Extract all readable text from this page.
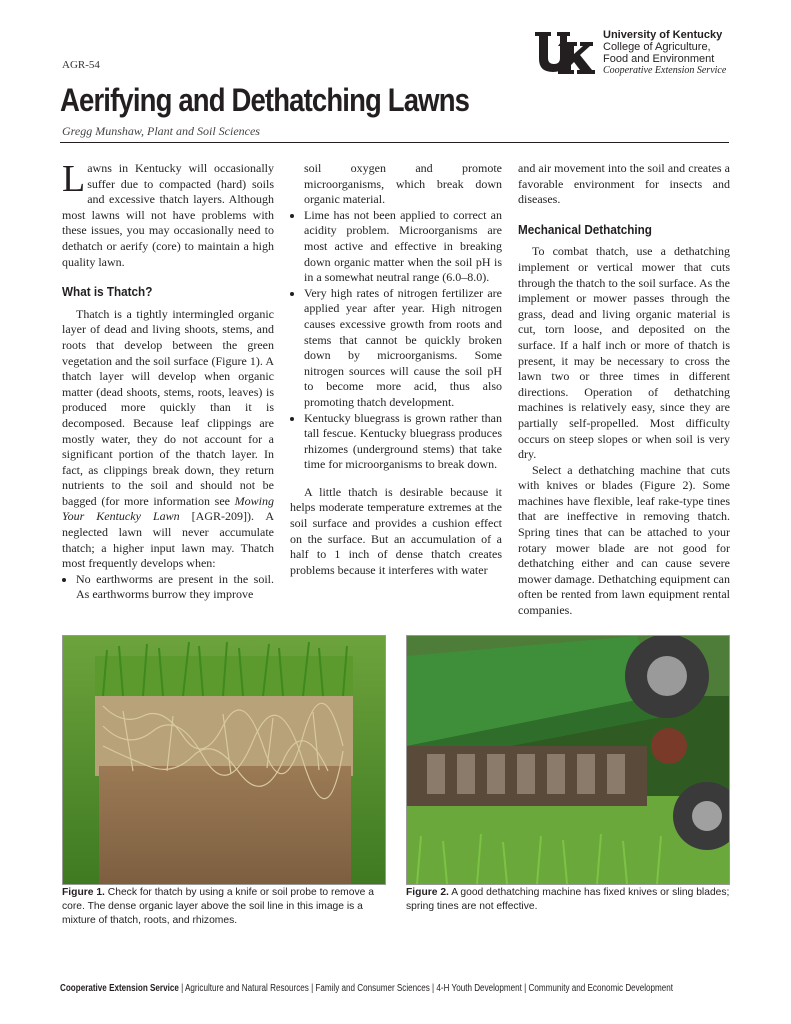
AGR-54
University of Kentucky
College of Agriculture,
Food and Environment
Cooperative Extension Service
Aerifying and Dethatching Lawns
Gregg Munshaw, Plant and Soil Sciences

Lawns in Kentucky will occasionally suffer due to compacted (hard) soils and excessive thatch layers. Although most lawns will not have problems with these issues, you may occasionally need to dethatch or aerify (core) to maintain a high quality lawn.

What is Thatch?

Thatch is a tightly intermingled organic layer of dead and living shoots, stems, and roots that develop between the green vegetation and the soil surface (Figure 1). A thatch layer will develop when organic matter (dead shoots, stems, roots, leaves) is produced more quickly than it is decomposed. Because leaf clippings are mostly water, they do not account for a significant portion of the thatch layer. In fact, as clippings break down, they return nutrients to the soil and should not be bagged (for more information see Mowing Your Kentucky Lawn [AGR-209]). A neglected lawn will never accumulate thatch; a higher input lawn may. Thatch most frequently develops when:

• No earthworms are present in the soil. As earthworms burrow they improve

soil oxygen and promote microorganisms, which break down organic material.

• Lime has not been applied to correct an acidity problem. Microorganisms are most active and effective in breaking down organic matter when the soil pH is in a somewhat neutral range (6.0–8.0).
• Very high rates of nitrogen fertilizer are applied year after year. High nitrogen causes excessive growth from roots and stems that cannot be quickly broken down by microorganisms. Some nitrogen sources will cause the soil pH to become more acid, thus also promoting thatch development.
• Kentucky bluegrass is grown rather than tall fescue. Kentucky bluegrass produces rhizomes (underground stems) that take time for microorganisms to break down.

A little thatch is desirable because it helps moderate temperature extremes at the soil surface and provides a cushion effect on the surface. But an accumulation of a half to 1 inch of dense thatch creates problems because it interferes with water

and air movement into the soil and creates a favorable environment for insects and diseases.

Mechanical Dethatching

To combat thatch, use a dethatching implement or vertical mower that cuts through the thatch to the soil surface. As the implement or mower passes through the grass, dead and living organic material is cut, torn loose, and deposited on the surface. If a half inch or more of thatch is present, it may be necessary to cross the lawn two or three times in different directions. Operation of dethatching machines is relatively easy, since they are partially self-propelled. Most difficulty occurs on steep slopes or when soil is very dry.

Select a dethatching machine that cuts with knives or blades (Figure 2). Some machines have flexible, leaf rake-type tines that are ineffective in removing thatch. Spring tines that can be attached to your rotary mower blade are not good for dethatching either and can cause severe mower damage. Dethatching equipment can often be rented from lawn equipment rental companies.

Figure 1. Check for thatch by using a knife or soil probe to remove a core. The dense organic layer above the soil line in this image is a mixture of thatch, roots, and rhizomes.
Figure 2. A good dethatching machine has fixed knives or sling blades; spring tines are not effective.
Cooperative Extension Service | Agriculture and Natural Resources | Family and Consumer Sciences | 4-H Youth Development | Community and Economic Development
